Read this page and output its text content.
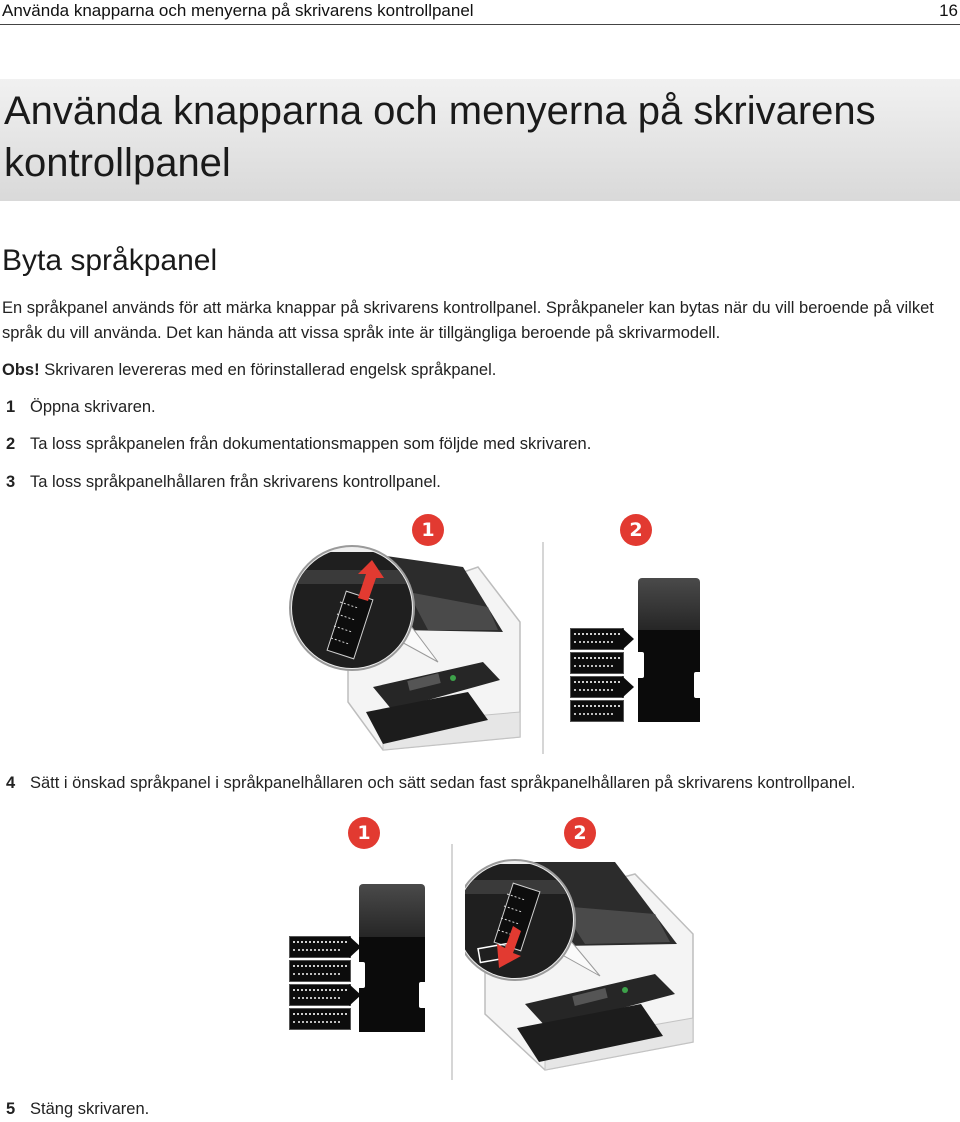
Använda knapparna och menyerna på skrivarens kontrollpanel	16
Använda knapparna och menyerna på skrivarens kontrollpanel
Byta språkpanel

En språkpanel används för att märka knappar på skrivarens kontrollpanel. Språkpaneler kan bytas när du vill beroende på vilket språk du vill använda. Det kan hända att vissa språk inte är tillgängliga beroende på skrivarmodell.

Obs! Skrivaren levereras med en förinstallerad engelsk språkpanel.

1 Öppna skrivaren.
2 Ta loss språkpanelen från dokumentationsmappen som följde med skrivaren.
3 Ta loss språkpanelhållaren från skrivarens kontrollpanel.
1	2
4 Sätt i önskad språkpanel i språkpanelhållaren och sätt sedan fast språkpanelhållaren på skrivarens kontrollpanel.
1	2
5 Stäng skrivaren.
